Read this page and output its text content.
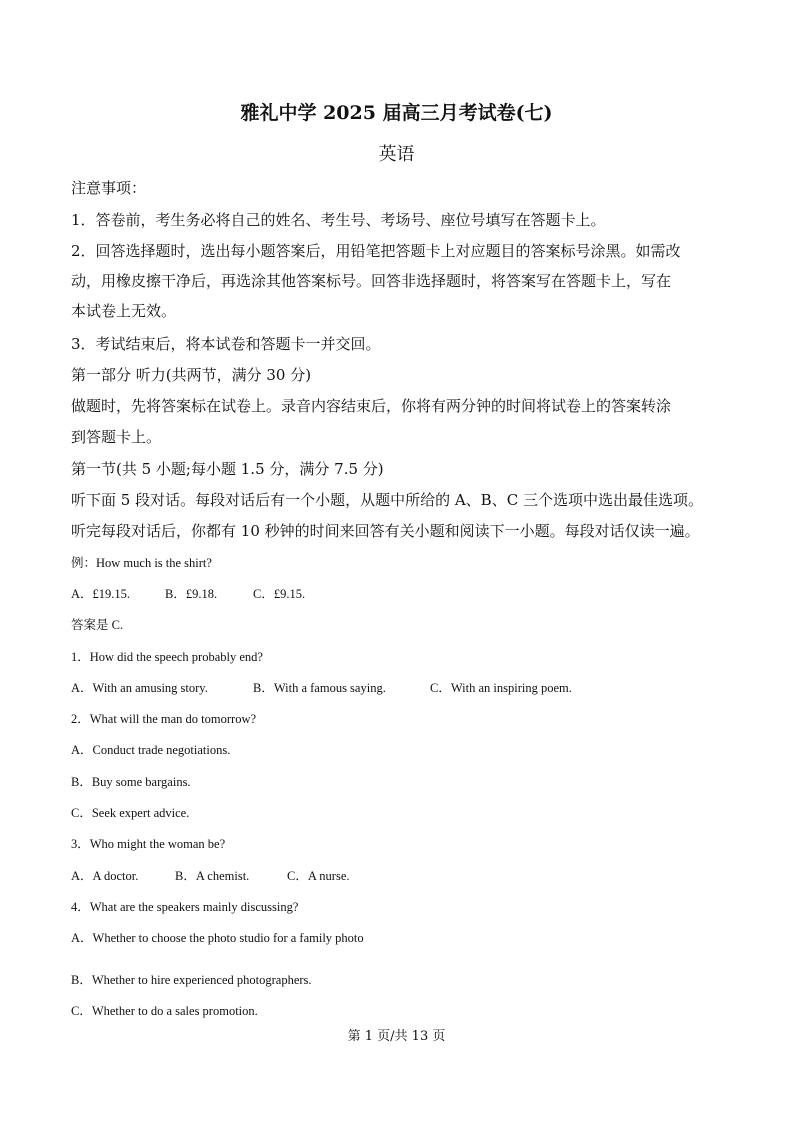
雅礼中学 2025 届高三月考试卷(七)
英语
注意事项：
1．答卷前，考生务必将自己的姓名、考生号、考场号、座位号填写在答题卡上。
2．回答选择题时，选出每小题答案后，用铅笔把答题卡上对应题目的答案标号涂黑。如需改
动，用橡皮擦干净后，再选涂其他答案标号。回答非选择题时，将答案写在答题卡上，写在
本试卷上无效。
3．考试结束后，将本试卷和答题卡一并交回。
第一部分 听力(共两节，满分 30 分)
做题时，先将答案标在试卷上。录音内容结束后，你将有两分钟的时间将试卷上的答案转涂
到答题卡上。
第一节(共 5 小题;每小题 1.5 分，满分 7.5 分)
听下面 5 段对话。每段对话后有一个小题，从题中所给的 A、B、C 三个选项中选出最佳选项。
听完每段对话后，你都有 10 秒钟的时间来回答有关小题和阅读下一小题。每段对话仅读一遍。
例：How much is the shirt?
A．£19.15.	B．£9.18.	C．£9.15.
答案是 C.
1．How did the speech probably end?
A．With an amusing story.	B．With a famous saying.	C．With an inspiring poem.
2．What will the man do tomorrow?
A．Conduct trade negotiations.
B．Buy some bargains.
C．Seek expert advice.
3．Who might the woman be?
A．A doctor.	B．A chemist.	C．A nurse.
4．What are the speakers mainly discussing?
A．Whether to choose the photo studio for a family photo
B．Whether to hire experienced photographers.
C．Whether to do a sales promotion.
第 1 页/共 13 页
